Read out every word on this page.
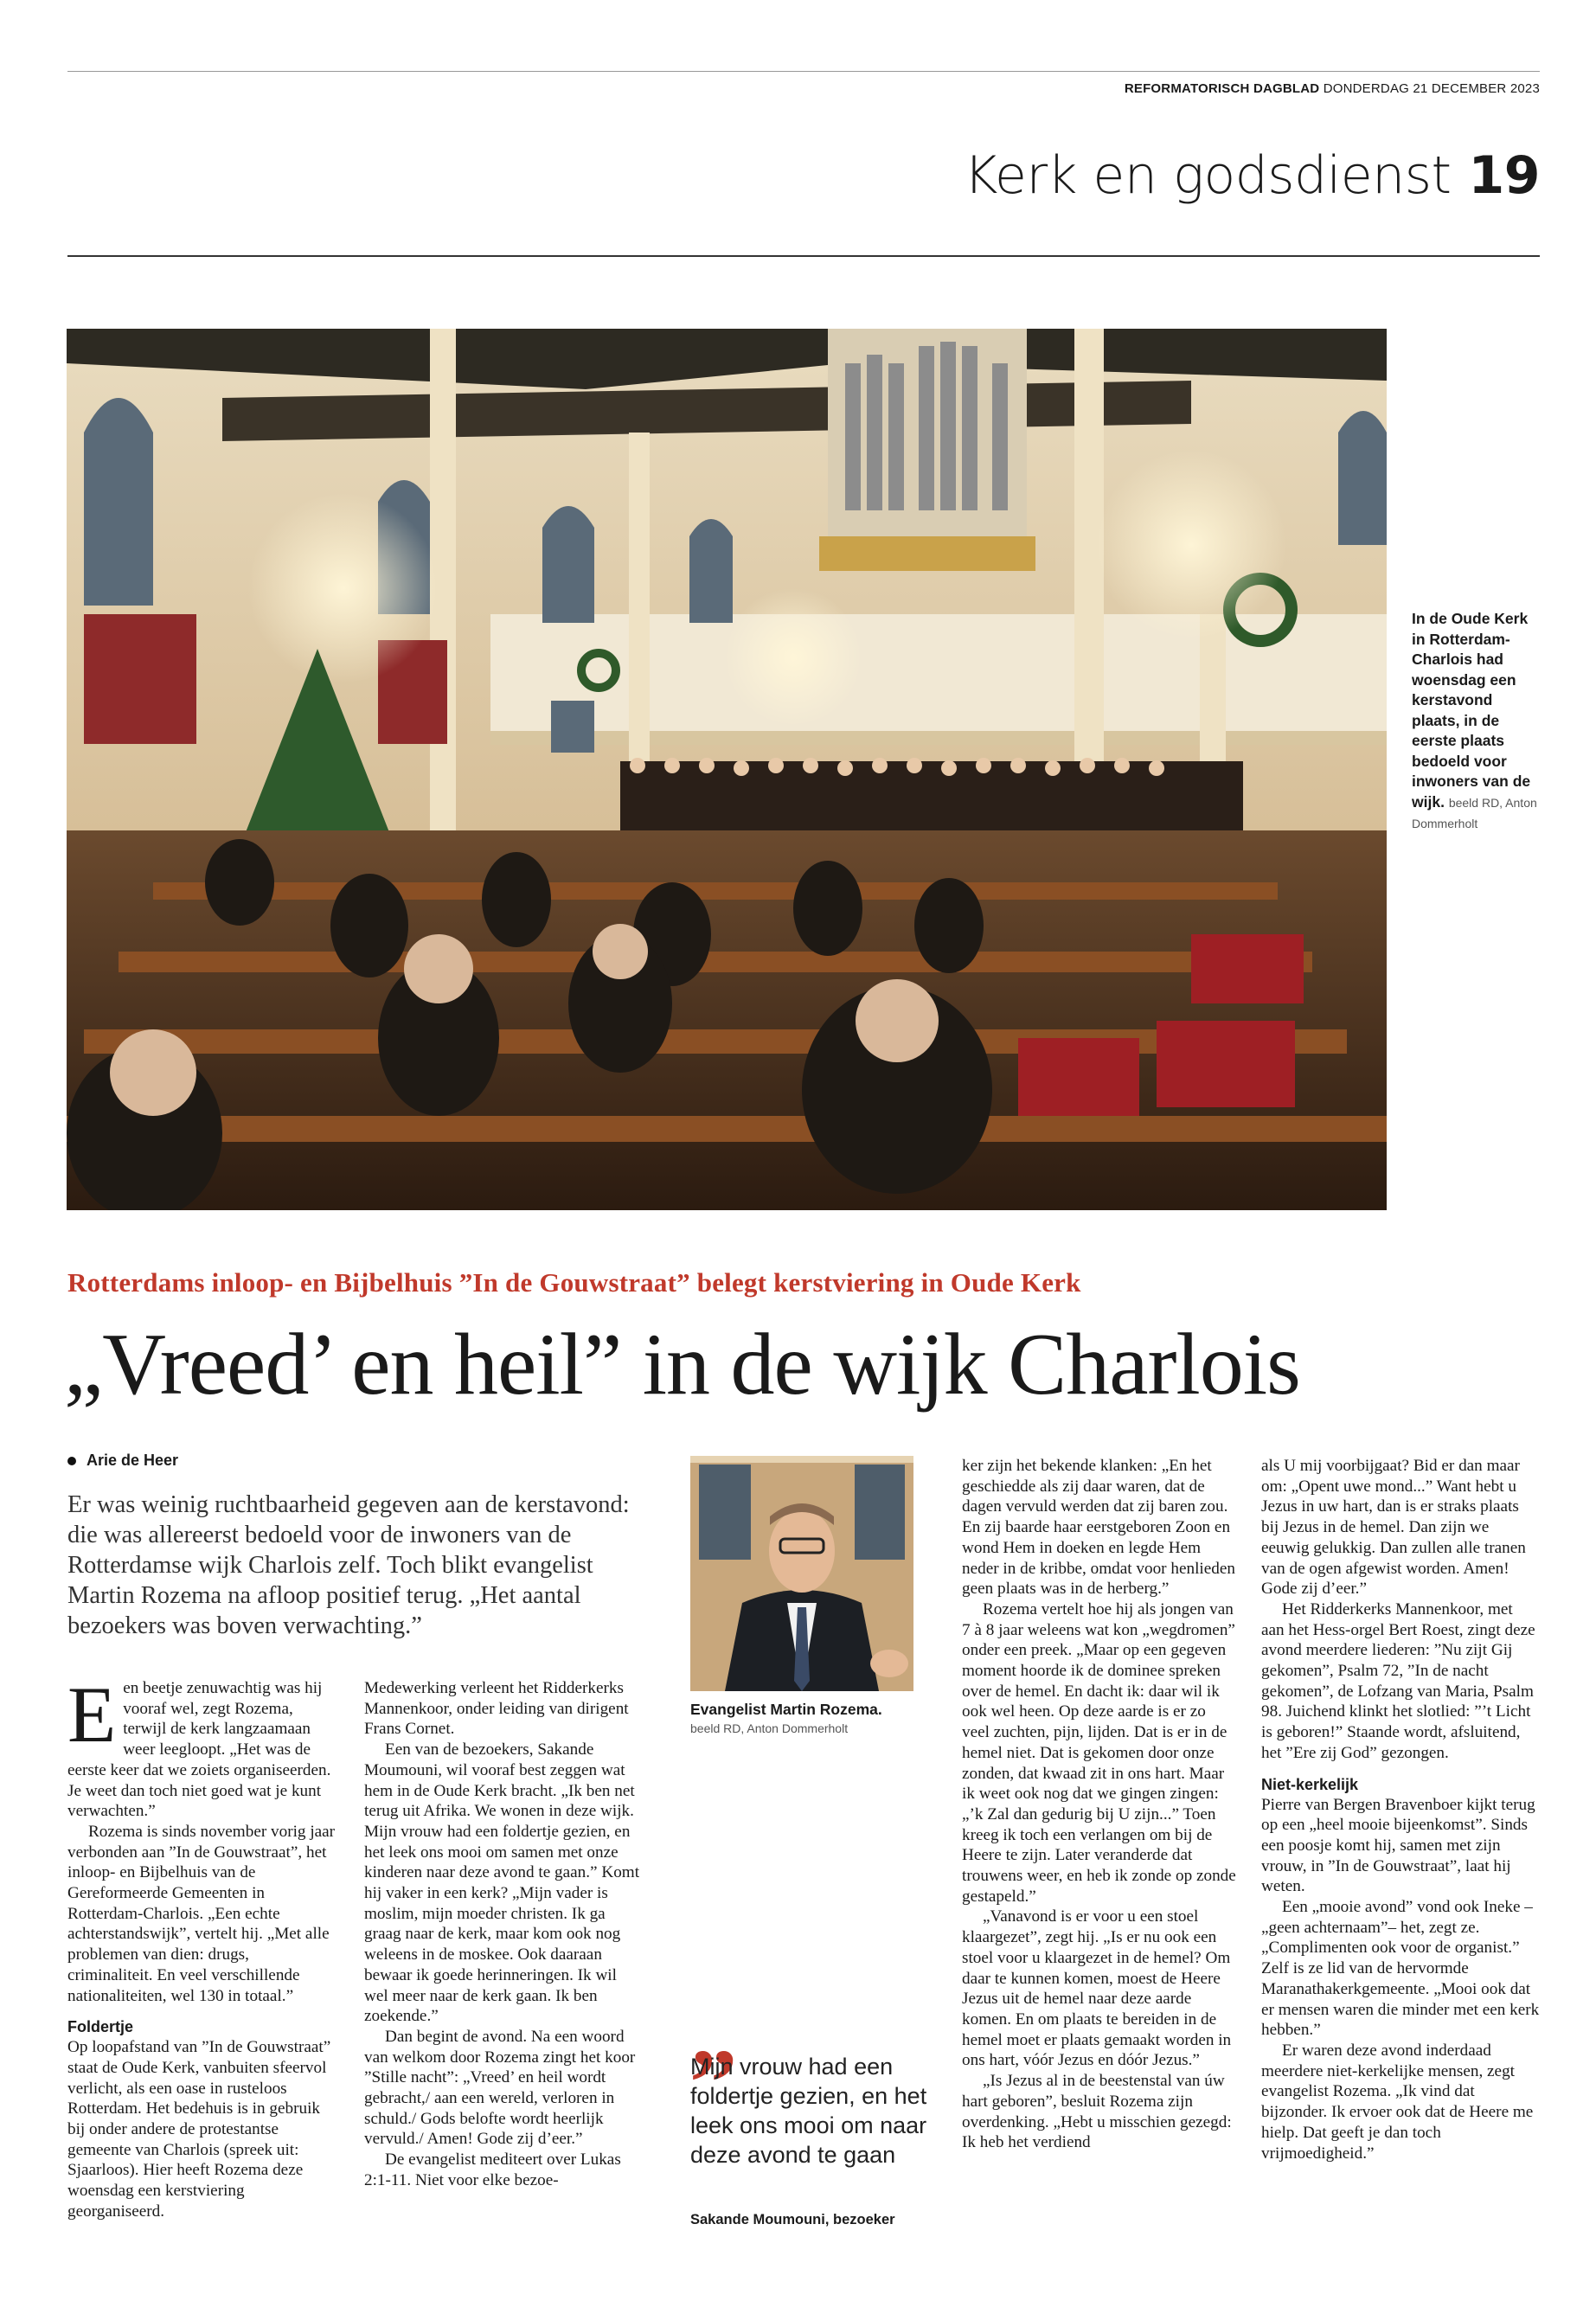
REFORMATORISCH DAGBLAD DONDERDAG 21 DECEMBER 2023
Kerk en godsdienst 19
In de Oude Kerk in Rotterdam-Charlois had woensdag een kerstavond plaats, in de eerste plaats bedoeld voor inwoners van de wijk. beeld RD, Anton Dommerholt
Rotterdams inloop- en Bijbelhuis ”In de Gouwstraat” belegt kerstviering in Oude Kerk
„Vreed’ en heil” in de wijk Charlois
Arie de Heer
Er was weinig ruchtbaarheid gegeven aan de kerstavond: die was allereerst bedoeld voor de inwoners van de Rotterdamse wijk Charlois zelf. Toch blikt evangelist Martin Rozema na afloop positief terug. „Het aantal bezoekers was boven verwachting.”

Een beetje zenuwachtig was hij vooraf wel, zegt Rozema, terwijl de kerk langzaamaan weer leegloopt. „Het was de eerste keer dat we zoiets organiseerden. Je weet dan toch niet goed wat je kunt verwachten.”

Rozema is sinds november vorig jaar verbonden aan ”In de Gouwstraat”, het inloop- en Bijbelhuis van de Gereformeerde Gemeenten in Rotterdam-Charlois. „Een echte achterstandswijk”, vertelt hij. „Met alle problemen van dien: drugs, criminaliteit. En veel verschillende nationaliteiten, wel 130 in totaal.”

Foldertje

Op loopafstand van ”In de Gouwstraat” staat de Oude Kerk, vanbuiten sfeervol verlicht, als een oase in rusteloos Rotterdam. Het bedehuis is in gebruik bij onder andere de protestantse gemeente van Charlois (spreek uit: Sjaarloos). Hier heeft Rozema deze woensdag een kerstviering georganiseerd.

Medewerking verleent het Ridderkerks Mannenkoor, onder leiding van dirigent Frans Cornet.

Een van de bezoekers, Sakande Moumouni, wil vooraf best zeggen wat hem in de Oude Kerk bracht. „Ik ben net terug uit Afrika. We wonen in deze wijk. Mijn vrouw had een foldertje gezien, en het leek ons mooi om samen met onze kinderen naar deze avond te gaan.” Komt hij vaker in een kerk? „Mijn vader is moslim, mijn moeder christen. Ik ga graag naar de kerk, maar kom ook nog weleens in de moskee. Ook daaraan bewaar ik goede herinneringen. Ik wil wel meer naar de kerk gaan. Ik ben zoekende.”

Dan begint de avond. Na een woord van welkom door Rozema zingt het koor ”Stille nacht”: „Vreed’ en heil wordt gebracht,/ aan een wereld, verloren in schuld./ Gods belofte wordt heerlijk vervuld./ Amen! Gode zij d’eer.”

De evangelist mediteert over Lukas 2:1-11. Niet voor elke bezoe-

Evangelist Martin Rozema.
beeld RD, Anton Dommerholt
„
Mijn vrouw had een foldertje gezien, en het leek ons mooi om naar deze avond te gaan
Sakande Moumouni, bezoeker

ker zijn het bekende klanken: „En het geschiedde als zij daar waren, dat de dagen vervuld werden dat zij baren zou. En zij baarde haar eerstgeboren Zoon en wond Hem in doeken en legde Hem neder in de kribbe, omdat voor henlieden geen plaats was in de herberg.”

Rozema vertelt hoe hij als jongen van 7 à 8 jaar weleens wat kon „wegdromen” onder een preek. „Maar op een gegeven moment hoorde ik de dominee spreken over de hemel. En dacht ik: daar wil ik ook wel heen. Op deze aarde is er zo veel zuchten, pijn, lijden. Dat is er in de hemel niet. Dat is gekomen door onze zonden, dat kwaad zit in ons hart. Maar ik weet ook nog dat we gingen zingen: „’k Zal dan gedurig bij U zijn...” Toen kreeg ik toch een verlangen om bij de Heere te zijn. Later veranderde dat trouwens weer, en heb ik zonde op zonde gestapeld.”

„Vanavond is er voor u een stoel klaargezet”, zegt hij. „Is er nu ook een stoel voor u klaargezet in de hemel? Om daar te kunnen komen, moest de Heere Jezus uit de hemel naar deze aarde komen. En om plaats te bereiden in de hemel moet er plaats gemaakt worden in ons hart, vóór Jezus en dóór Jezus.”

„Is Jezus al in de beestenstal van úw hart geboren”, besluit Rozema zijn overdenking. „Hebt u misschien gezegd: Ik heb het verdiend

als U mij voorbijgaat? Bid er dan maar om: „Opent uwe mond...” Want hebt u Jezus in uw hart, dan is er straks plaats bij Jezus in de hemel. Dan zijn we eeuwig gelukkig. Dan zullen alle tranen van de ogen afgewist worden. Amen! Gode zij d’eer.”

Het Ridderkerks Mannenkoor, met aan het Hess-orgel Bert Roest, zingt deze avond meerdere liederen: ”Nu zijt Gij gekomen”, Psalm 72, ”In de nacht gekomen”, de Lofzang van Maria, Psalm 98. Juichend klinkt het slotlied: ”’t Licht is geboren!” Staande wordt, afsluitend, het ”Ere zij God” gezongen.

Niet-kerkelijk

Pierre van Bergen Bravenboer kijkt terug op een „heel mooie bijeenkomst”. Sinds een poosje komt hij, samen met zijn vrouw, in ”In de Gouwstraat”, laat hij weten.

Een „mooie avond” vond ook Ineke –„geen achternaam”– het, zegt ze. „Complimenten ook voor de organist.” Zelf is ze lid van de hervormde Maranathakerkgemeente. „Mooi ook dat er mensen waren die minder met een kerk hebben.”

Er waren deze avond inderdaad meerdere niet-kerkelijke mensen, zegt evangelist Rozema. „Ik vind dat bijzonder. Ik ervoer ook dat de Heere me hielp. Dat geeft je dan toch vrijmoedigheid.”
